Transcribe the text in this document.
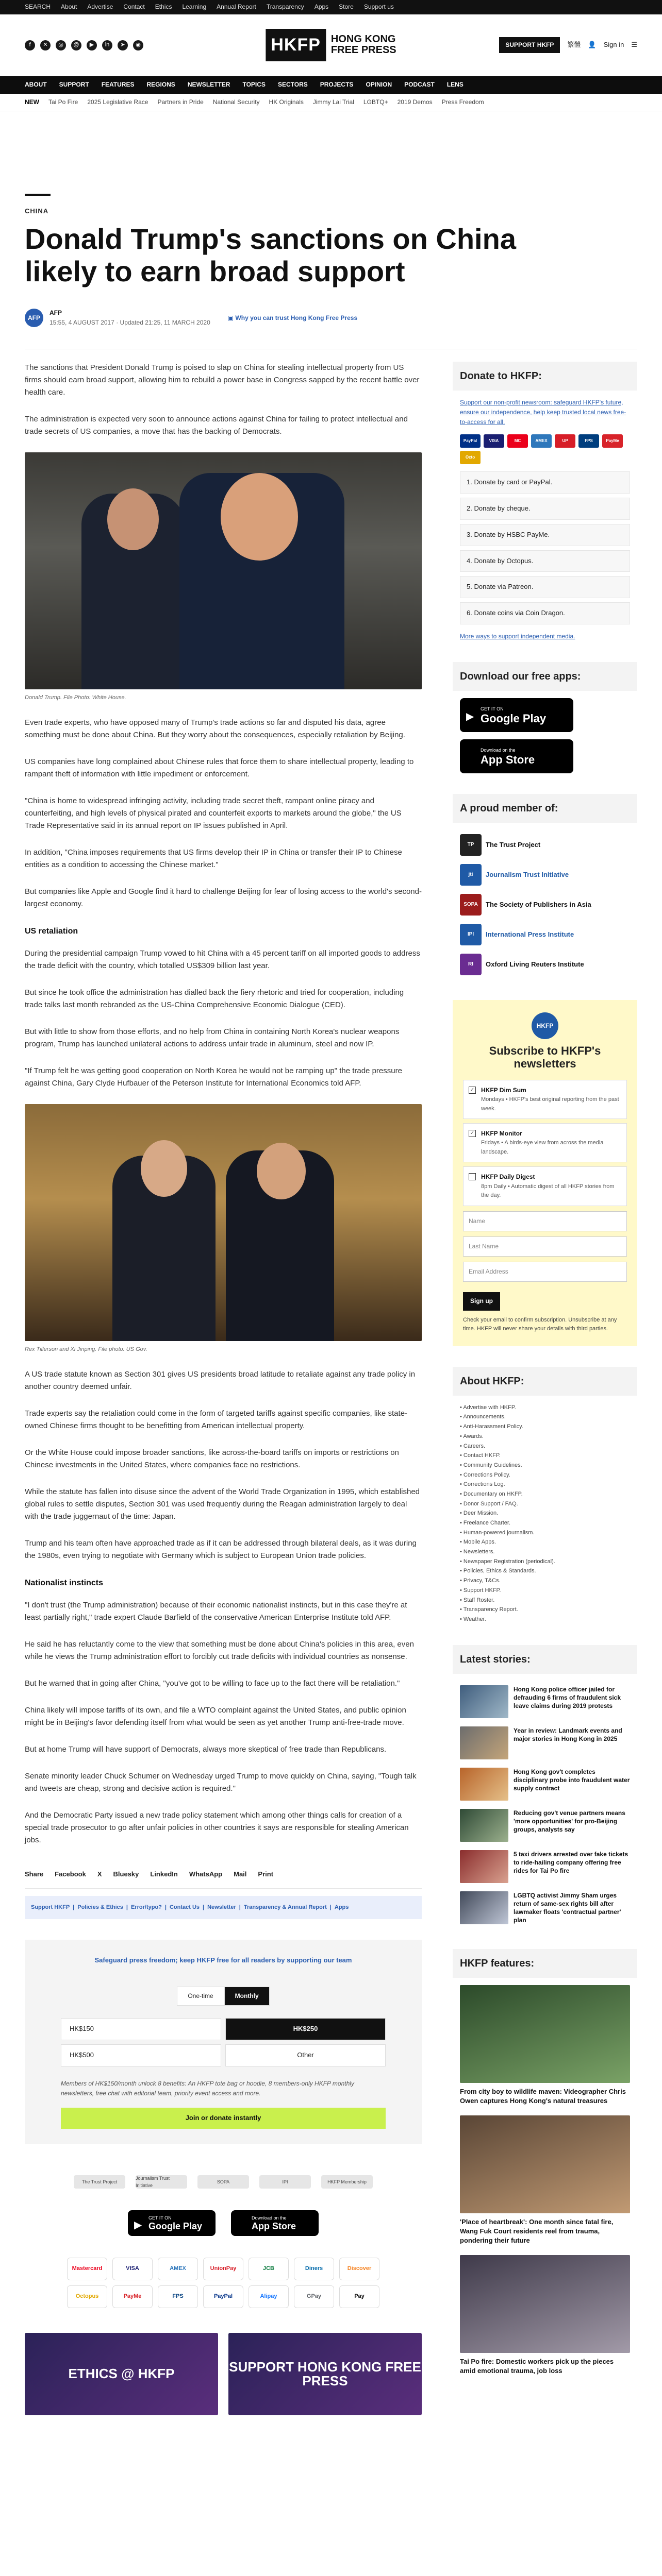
SEARCH About Advertise Contact Ethics Learning Annual Report Transparency Apps Store Support us
f	✕	◎	@	▶	in	➤	◉	HKFP	HONG KONG
FREE PRESS	SUPPORT HKFP	繁體 👤 Sign in ☰
ABOUT SUPPORT FEATURES REGIONS NEWSLETTER TOPICS SECTORS PROJECTS OPINION PODCAST LENS
NEW Tai Po Fire 2025 Legislative Race Partners in Pride National Security HK Originals Jimmy Lai Trial LGBTQ+ 2019 Demos Press Freedom
CHINA
Donald Trump's sanctions on China likely to earn broad support
AFP
AFP
15:55, 4 AUGUST 2017 · Updated 21:25, 11 MARCH 2020
▣ Why you can trust Hong Kong Free Press

The sanctions that President Donald Trump is poised to slap on China for stealing intellectual property from US firms should earn broad support, allowing him to rebuild a power base in Congress sapped by the recent battle over health care.

The administration is expected very soon to announce actions against China for failing to protect intellectual and trade secrets of US companies, a move that has the backing of Democrats.

Donald Trump. File Photo: White House.

Even trade experts, who have opposed many of Trump's trade actions so far and disputed his data, agree something must be done about China. But they worry about the consequences, especially retaliation by Beijing.

US companies have long complained about Chinese rules that force them to share intellectual property, leading to rampant theft of information with little impediment or enforcement.

"China is home to widespread infringing activity, including trade secret theft, rampant online piracy and counterfeiting, and high levels of physical pirated and counterfeit exports to markets around the globe," the US Trade Representative said in its annual report on IP issues published in April.

In addition, "China imposes requirements that US firms develop their IP in China or transfer their IP to Chinese entities as a condition to accessing the Chinese market."

But companies like Apple and Google find it hard to challenge Beijing for fear of losing access to the world's second-largest economy.

US retaliation

During the presidential campaign Trump vowed to hit China with a 45 percent tariff on all imported goods to address the trade deficit with the country, which totalled US$309 billion last year.

But since he took office the administration has dialled back the fiery rhetoric and tried for cooperation, including trade talks last month rebranded as the US-China Comprehensive Economic Dialogue (CED).

But with little to show from those efforts, and no help from China in containing North Korea's nuclear weapons program, Trump has launched unilateral actions to address unfair trade in aluminum, steel and now IP.

"If Trump felt he was getting good cooperation on North Korea he would not be ramping up" the trade pressure against China, Gary Clyde Hufbauer of the Peterson Institute for International Economics told AFP.

Rex Tillerson and Xi Jinping. File photo: US Gov.

A US trade statute known as Section 301 gives US presidents broad latitude to retaliate against any trade policy in another country deemed unfair.

Trade experts say the retaliation could come in the form of targeted tariffs against specific companies, like state-owned Chinese firms thought to be benefitting from American intellectual property.

Or the White House could impose broader sanctions, like across-the-board tariffs on imports or restrictions on Chinese investments in the United States, where companies face no restrictions.

While the statute has fallen into disuse since the advent of the World Trade Organization in 1995, which established global rules to settle disputes, Section 301 was used frequently during the Reagan administration largely to deal with the trade juggernaut of the time: Japan.

Trump and his team often have approached trade as if it can be addressed through bilateral deals, as it was during the 1980s, even trying to negotiate with Germany which is subject to European Union trade policies.

Nationalist instincts

"I don't trust (the Trump administration) because of their economic nationalist instincts, but in this case they're at least partially right," trade expert Claude Barfield of the conservative American Enterprise Institute told AFP.

He said he has reluctantly come to the view that something must be done about China's policies in this area, even while he views the Trump administration effort to forcibly cut trade deficits with individual countries as nonsense.

But he warned that in going after China, "you've got to be willing to face up to the fact there will be retaliation."

China likely will impose tariffs of its own, and file a WTO complaint against the United States, and public opinion might be in Beijing's favor defending itself from what would be seen as yet another Trump anti-free-trade move.

But at home Trump will have support of Democrats, always more skeptical of free trade than Republicans.

Senate minority leader Chuck Schumer on Wednesday urged Trump to move quickly on China, saying, "Tough talk and tweets are cheap, strong and decisive action is required."

And the Democratic Party issued a new trade policy statement which among other things calls for creation of a special trade prosecutor to go after unfair policies in other countries it says are responsible for stealing American jobs.

Share Facebook X Bluesky LinkedIn WhatsApp Mail Print
Support HKFP | Policies & Ethics | Error/typo? | Contact Us | Newsletter | Transparency & Annual Report | Apps
Safeguard press freedom; keep HKFP free for all readers by supporting our team
One-time	Monthly
HK$150	HK$250
HK$500	Other
Members of HK$150/month unlock 8 benefits: An HKFP tote bag or hoodie, 8 members-only HKFP monthly newsletters, free chat with editorial team, priority event access and more.
Join or donate instantly
The Trust Project
Journalism Trust Initiative
SOPA	IPI	HKFP Membership
▶
GET IT ON
Google Play
Download on the
App Store
Mastercard	VISA	AMEX	UnionPay	JCB	Diners	Discover
Octopus	PayMe	FPS	PayPal	Alipay	GPay	Pay
ETHICS @ HKFP	SUPPORT HONG KONG FREE PRESS
Donate to HKFP:
Support our non-profit newsroom: safeguard HKFP's future, ensure our independence, help keep trusted local news free-to-access for all.
PayPal	VISA	MC	AMEX	UP	FPS	PayMe
Octo
1. Donate by card or PayPal.
2. Donate by cheque.
3. Donate by HSBC PayMe.
4. Donate by Octopus.
5. Donate via Patreon.
6. Donate coins via Coin Dragon.
More ways to support independent media.
Download our free apps:
▶
GET IT ON
Google Play
Download on the
App Store
A proud member of:
TP	The Trust Project
jti	Journalism Trust Initiative
SOPA	The Society of Publishers in Asia
IPI	International Press Institute
RI	Oxford Living Reuters Institute
HKFP
Subscribe to HKFP's newsletters
✓ HKFP Dim Sum
Mondays • HKFP's best original reporting from the past week.
✓ HKFP Monitor
Fridays • A birds-eye view from across the media landscape.
HKFP Daily Digest
8pm Daily • Automatic digest of all HKFP stories from the day.
Name
Last Name
Email Address
Sign up
Check your email to confirm subscription. Unsubscribe at any time. HKFP will never share your details with third parties.
About HKFP:
• Advertise with HKFP.
• Announcements.
• Anti-Harassment Policy.
• Awards.
• Careers.
• Contact HKFP.
• Community Guidelines.
• Corrections Policy.
• Corrections Log.
• Documentary on HKFP.
• Donor Support / FAQ.
• Deer Mission.
• Freelance Charter.
• Human-powered journalism.
• Mobile Apps.
• Newsletters.
• Newspaper Registration (periodical).
• Policies, Ethics & Standards.
• Privacy, T&Cs.
• Support HKFP.
• Staff Roster.
• Transparency Report.
• Weather.
Latest stories:
Hong Kong police officer jailed for defrauding 6 firms of fraudulent sick leave claims during 2019 protests
Year in review: Landmark events and major stories in Hong Kong in 2025
Hong Kong gov't completes disciplinary probe into fraudulent water supply contract
Reducing gov't venue partners means 'more opportunities' for pro-Beijing groups, analysts say
5 taxi drivers arrested over fake tickets to ride-hailing company offering free rides for Tai Po fire
LGBTQ activist Jimmy Sham urges return of same-sex rights bill after lawmaker floats 'contractual partner' plan
HKFP features:
From city boy to wildlife maven: Videographer Chris Owen captures Hong Kong's natural treasures
'Place of heartbreak': One month since fatal fire, Wang Fuk Court residents reel from trauma, pondering their future
Tai Po fire: Domestic workers pick up the pieces amid emotional trauma, job loss
